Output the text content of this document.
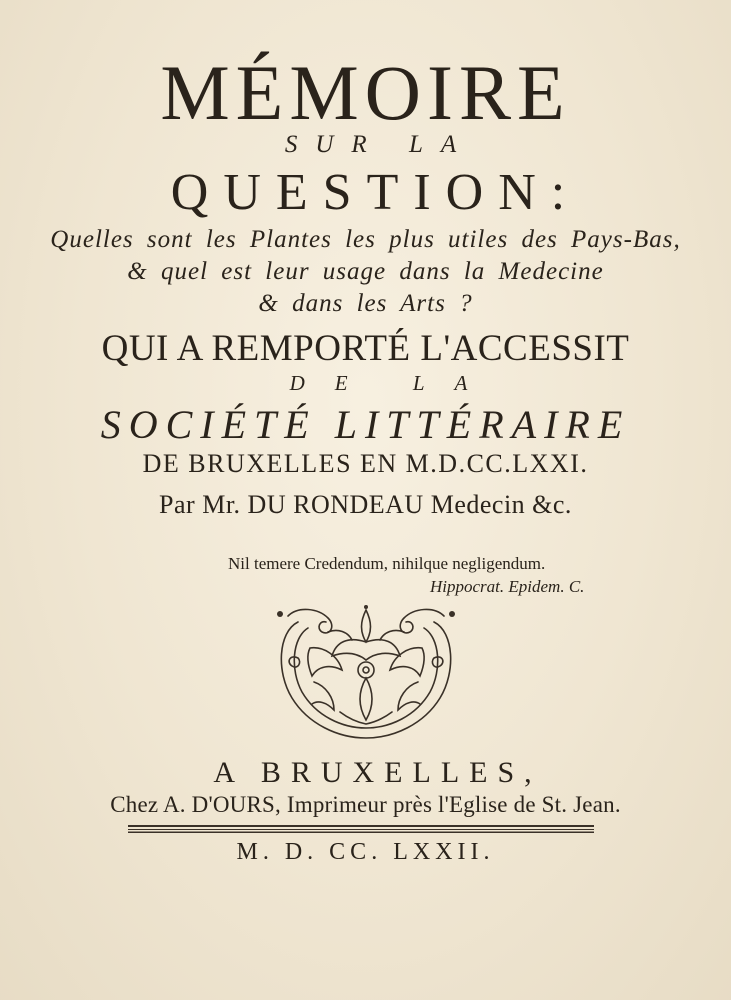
MÉMOIRE
SUR LA
QUESTION:
Quelles sont les Plantes les plus utiles des Pays-Bas,
& quel est leur usage dans la Medecine
& dans les Arts ?
QUI A REMPORTÉ L'ACCESSIT
DE LA
SOCIÉTÉ LITTÉRAIRE
DE BRUXELLES EN M.D.CC.LXXI.
Par Mr. DU RONDEAU Medecin &c.
Nil temere Credendum, nihilque negligendum.
Hippocrat. Epidem. C.
A BRUXELLES,
Chez A. D'OURS, Imprimeur près l'Eglise de St. Jean.
M. D. CC. LXXII.
